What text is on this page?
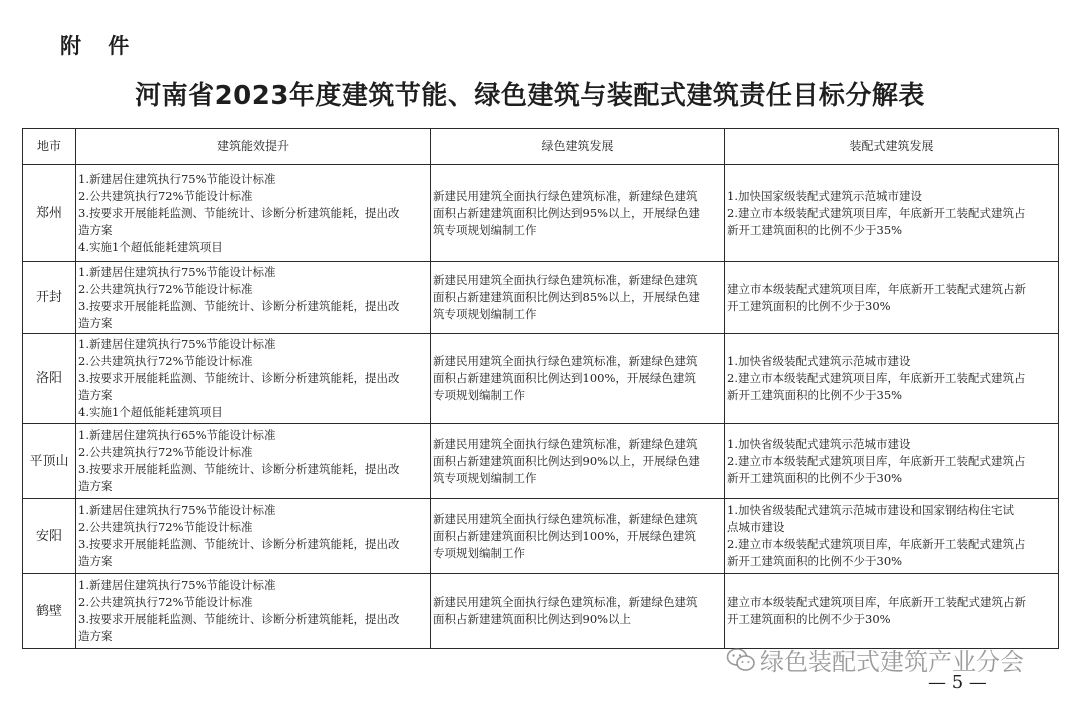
附 件
河南省2023年度建筑节能、绿色建筑与装配式建筑责任目标分解表
地市	建筑能效提升	绿色建筑发展	装配式建筑发展
郑州	1.新建居住建筑执行75%节能设计标准
2.公共建筑执行72%节能设计标准
3.按要求开展能耗监测、节能统计、诊断分析建筑能耗，提出改
造方案
4.实施1个超低能耗建筑项目	新建民用建筑全面执行绿色建筑标准，新建绿色建筑
面积占新建建筑面积比例达到95%以上，开展绿色建
筑专项规划编制工作	1.加快国家级装配式建筑示范城市建设
2.建立市本级装配式建筑项目库，年底新开工装配式建筑占
新开工建筑面积的比例不少于35%

开封	1.新建居住建筑执行75%节能设计标准
2.公共建筑执行72%节能设计标准
3.按要求开展能耗监测、节能统计、诊断分析建筑能耗，提出改
造方案	新建民用建筑全面执行绿色建筑标准，新建绿色建筑
面积占新建建筑面积比例达到85%以上，开展绿色建
筑专项规划编制工作	建立市本级装配式建筑项目库，年底新开工装配式建筑占新
开工建筑面积的比例不少于30%

洛阳	1.新建居住建筑执行75%节能设计标准
2.公共建筑执行72%节能设计标准
3.按要求开展能耗监测、节能统计、诊断分析建筑能耗，提出改
造方案
4.实施1个超低能耗建筑项目	新建民用建筑全面执行绿色建筑标准，新建绿色建筑
面积占新建建筑面积比例达到100%，开展绿色建筑
专项规划编制工作	1.加快省级装配式建筑示范城市建设
2.建立市本级装配式建筑项目库，年底新开工装配式建筑占
新开工建筑面积的比例不少于35%

平顶山	1.新建居住建筑执行65%节能设计标准
2.公共建筑执行72%节能设计标准
3.按要求开展能耗监测、节能统计、诊断分析建筑能耗，提出改
造方案	新建民用建筑全面执行绿色建筑标准，新建绿色建筑
面积占新建建筑面积比例达到90%以上，开展绿色建
筑专项规划编制工作	1.加快省级装配式建筑示范城市建设
2.建立市本级装配式建筑项目库，年底新开工装配式建筑占
新开工建筑面积的比例不少于30%

安阳	1.新建居住建筑执行75%节能设计标准
2.公共建筑执行72%节能设计标准
3.按要求开展能耗监测、节能统计、诊断分析建筑能耗，提出改
造方案	新建民用建筑全面执行绿色建筑标准，新建绿色建筑
面积占新建建筑面积比例达到100%，开展绿色建筑
专项规划编制工作	1.加快省级装配式建筑示范城市建设和国家钢结构住宅试
点城市建设
2.建立市本级装配式建筑项目库，年底新开工装配式建筑占
新开工建筑面积的比例不少于30%

鹤壁	1.新建居住建筑执行75%节能设计标准
2.公共建筑执行72%节能设计标准
3.按要求开展能耗监测、节能统计、诊断分析建筑能耗，提出改
造方案	新建民用建筑全面执行绿色建筑标准，新建绿色建筑
面积占新建建筑面积比例达到90%以上	建立市本级装配式建筑项目库，年底新开工装配式建筑占新
开工建筑面积的比例不少于30%
绿色装配式建筑产业分会
— 5 —
